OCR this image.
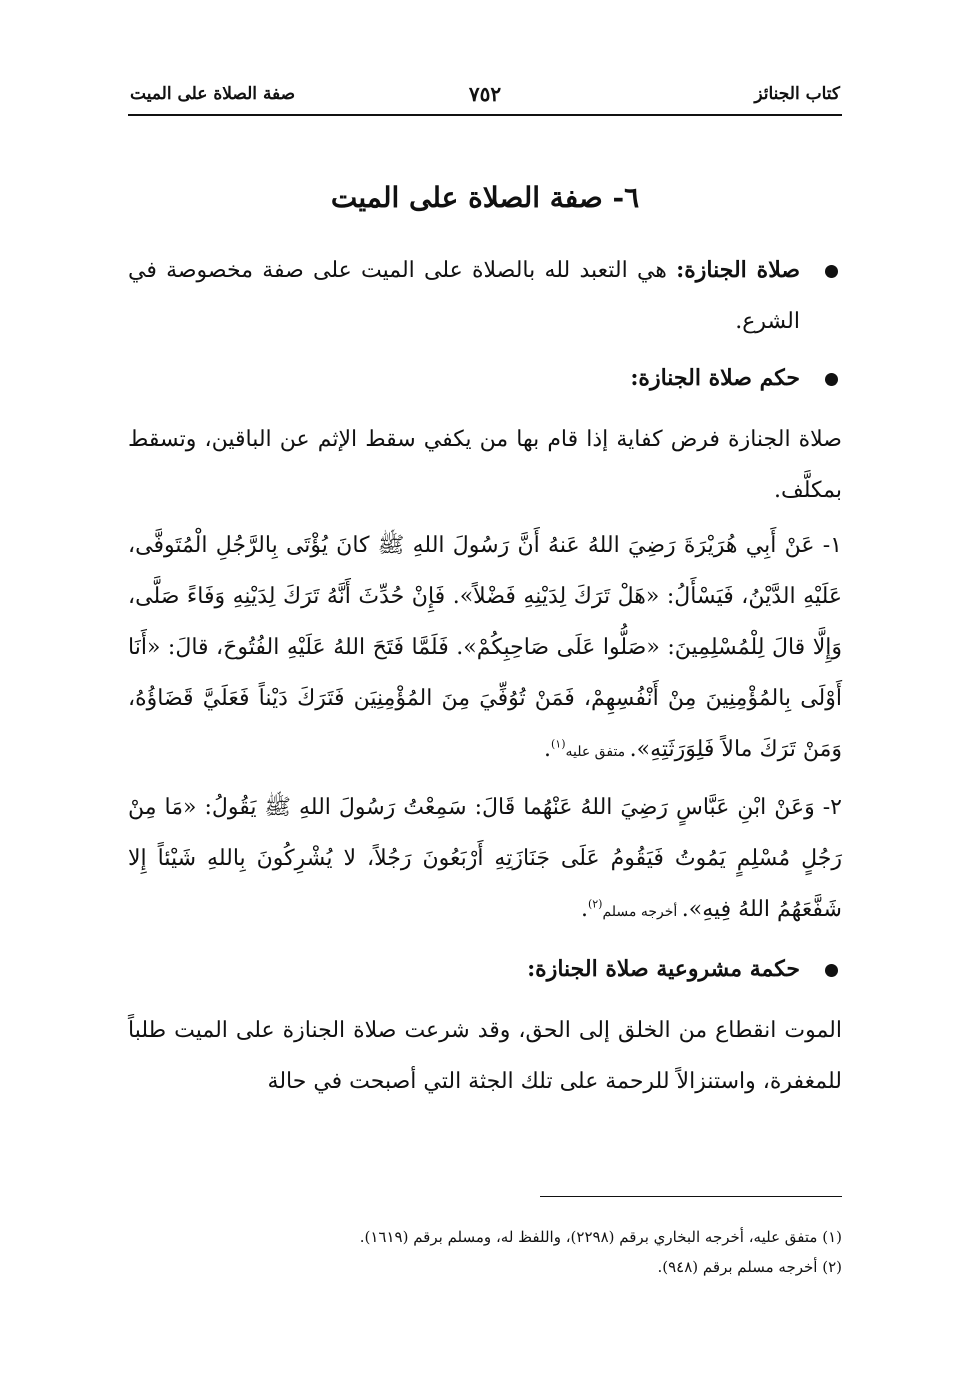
كتاب الجنائز
٧٥٢
صفة الصلاة على الميت
٦- صفة الصلاة على الميت

صلاة الجنازة: هي التعبد لله بالصلاة على الميت على صفة مخصوصة في الشرع.

حكم صلاة الجنازة:

صلاة الجنازة فرض كفاية إذا قام بها من يكفي سقط الإثم عن الباقين، وتسقط بمكلَّف.

١- عَنْ أَبِي هُرَيْرَةَ رَضِيَ اللهُ عَنهُ أَنَّ رَسُولَ اللهِ ﷺ كانَ يُؤْتَى بِالرَّجُلِ الْمُتَوفَّى، عَلَيْهِ الدَّيْنُ، فَيَسْأَلُ: «هَلْ تَرَكَ لِدَيْنِهِ فَضْلاً». فَإِنْ حُدِّثَ أَنَّهُ تَرَكَ لِدَيْنِهِ وَفَاءً صَلَّى، وَإِلَّا قالَ لِلْمُسْلِمِينَ: «صَلُّوا عَلَى صَاحِبِكُمْ». فَلَمَّا فَتَحَ اللهُ عَلَيْهِ الفُتُوحَ، قالَ: «أَنَا أَوْلَى بِالمُؤْمِنِينَ مِنْ أَنْفُسِهِمْ، فَمَنْ تُوُفِّيَ مِنَ المُؤْمِنِيَن فَتَرَكَ دَيْناً فَعَلَيَّ قَضَاؤُهُ، وَمَنْ تَرَكَ مالاً فَلِوَرَثَتِهِ». متفق عليه$^{(١)}$.

٢- وَعَنْ ابْنِ عَبَّاسٍ رَضِيَ اللهُ عَنْهُما قَالَ: سَمِعْتُ رَسُولَ اللهِ ﷺ يَقُولُ: «مَا مِنْ رَجُلٍ مُسْلِمٍ يَمُوتُ فَيَقُومُ عَلَى جَنَازَتِهِ أَرْبَعُونَ رَجُلاً، لا يُشْرِكُونَ بِاللهِ شَيْئاً إِلا شَفَّعَهُمُ اللهُ فِيهِ». أخرجه مسلم$^{(٢)}$.

حكمة مشروعية صلاة الجنازة:

الموت انقطاع من الخلق إلى الحق، وقد شرعت صلاة الجنازة على الميت طلباً للمغفرة، واستنزالاً للرحمة على تلك الجثة التي أصبحت في حالة

(١) متفق عليه، أخرجه البخاري برقم (٢٢٩٨)، واللفظ له، ومسلم برقم (١٦١٩).
(٢) أخرجه مسلم برقم (٩٤٨).
